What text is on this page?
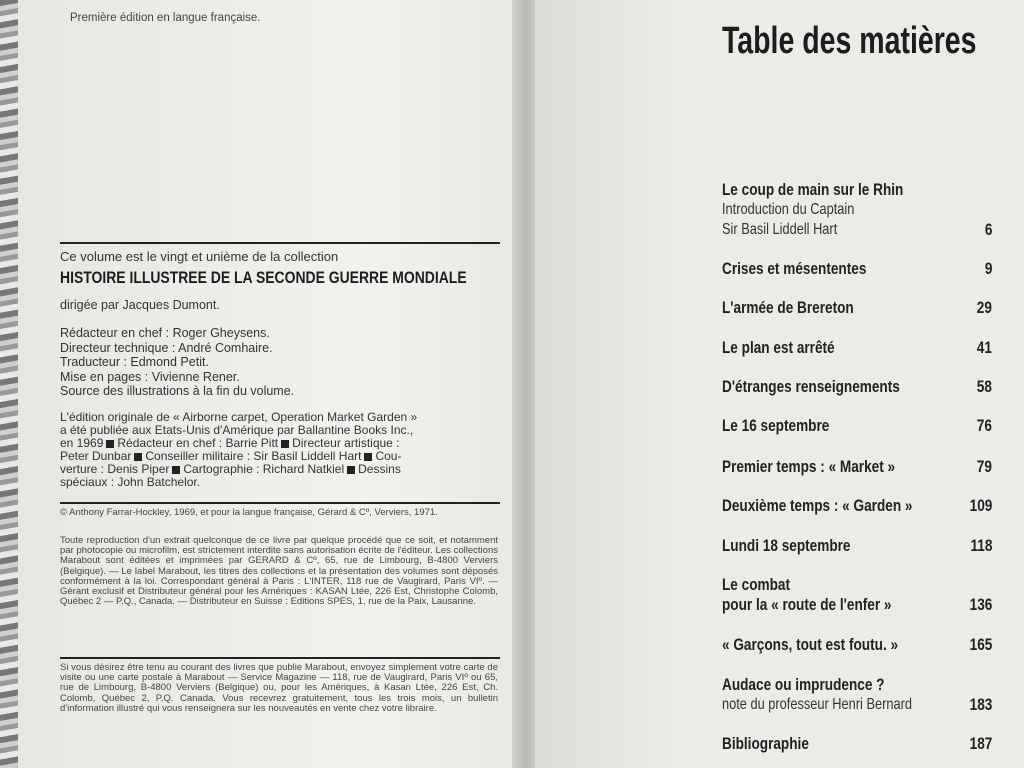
Première édition en langue française.
Ce volume est le vingt et unième de la collection
HISTOIRE ILLUSTREE DE LA SECONDE GUERRE MONDIALE
dirigée par Jacques Dumont.
Rédacteur en chef : Roger Gheysens.
Directeur technique : André Comhaire.
Traducteur : Edmond Petit.
Mise en pages : Vivienne Rener.
Source des illustrations à la fin du volume.
L'édition originale de « Airborne carpet, Operation Market Garden »
a été publiée aux Etats-Unis d'Amérique par Ballantine Books Inc.,
en 1969 Rédacteur en chef : Barrie Pitt Directeur artistique :
Peter Dunbar Conseiller militaire : Sir Basil Liddell Hart Cou-
verture : Denis Piper Cartographie : Richard Natkiel Dessins
spéciaux : John Batchelor.
© Anthony Farrar-Hockley, 1969, et pour la langue française, Gérard & Cº, Verviers, 1971.
Toute reproduction d'un extrait quelconque de ce livre par quelque procédé que ce soit, et notamment par photocopie ou microfilm, est strictement interdite sans autorisation écrite de l'éditeur. Les collections Marabout sont éditées et imprimées par GERARD & Cº, 65, rue de Limbourg, B-4800 Verviers (Belgique). — Le label Marabout, les titres des collections et la présentation des volumes sont déposés conformément à la loi. Correspondant général à Paris : L'INTER, 118 rue de Vaugirard, Paris VIº. — Gérant exclusif et Distributeur général pour les Amériques : KASAN Ltée, 226 Est, Christophe Colomb, Québec 2 — P.Q., Canada. — Distributeur en Suisse : Editions SPES, 1, rue de la Paix, Lausanne.
Si vous désirez être tenu au courant des livres que publie Marabout, envoyez simplement votre carte de visite ou une carte postale à Marabout — Service Magazine — 118, rue de Vaugirard, Paris VIº ou 65, rue de Limbourg, B-4800 Verviers (Belgique) ou, pour les Amériques, à Kasan Ltée, 226 Est, Ch. Colomb, Québec 2, P.Q. Canada. Vous recevrez gratuitement, tous les trois mois, un bulletin d'information illustré qui vous renseignera sur les nouveautés en vente chez votre libraire.
Table des matières
Le coup de main sur le Rhin
Introduction du Captain
Sir Basil Liddell Hart	6
Crises et mésententes	9
L'armée de Brereton	29
Le plan est arrêté	41
D'étranges renseignements	58
Le 16 septembre	76
Premier temps : « Market »	79
Deuxième temps : « Garden »	109
Lundi 18 septembre	118
Le combat
pour la « route de l'enfer »	136
« Garçons, tout est foutu. »	165
Audace ou imprudence ?
note du professeur Henri Bernard	183
Bibliographie	187
